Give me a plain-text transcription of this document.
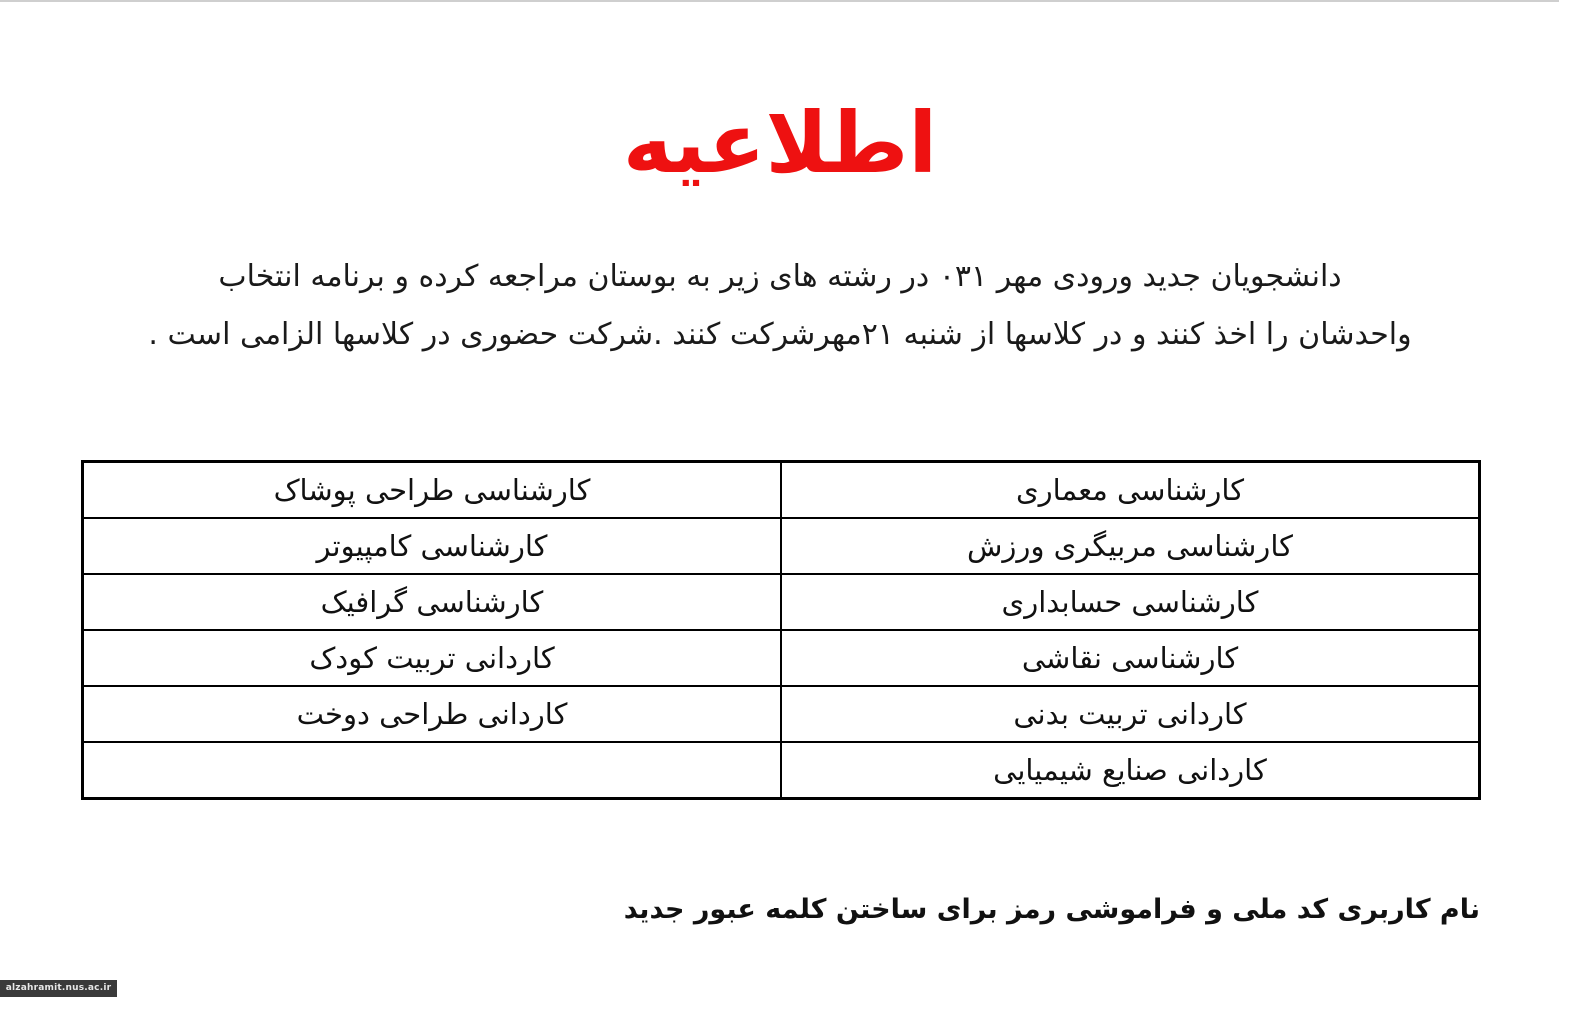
اطلاعیه
دانشجویان جدید ورودی مهر ۰۳۱ در رشته های زیر به بوستان مراجعه کرده و برنامه انتخاب
واحدشان را اخذ کنند و در کلاسها از شنبه ۲۱مهرشرکت کنند .شرکت حضوری در کلاسها الزامی است .
کارشناسی معماری	کارشناسی طراحی پوشاک
کارشناسی مربیگری ورزش	کارشناسی کامپیوتر
کارشناسی حسابداری	کارشناسی گرافیک
کارشناسی نقاشی	کاردانی تربیت کودک
کاردانی تربیت بدنی	کاردانی طراحی دوخت
کاردانی صنایع شیمیایی	
نام کاربری کد ملی و فراموشی رمز برای ساختن کلمه عبور جدید
alzahramit.nus.ac.ir
